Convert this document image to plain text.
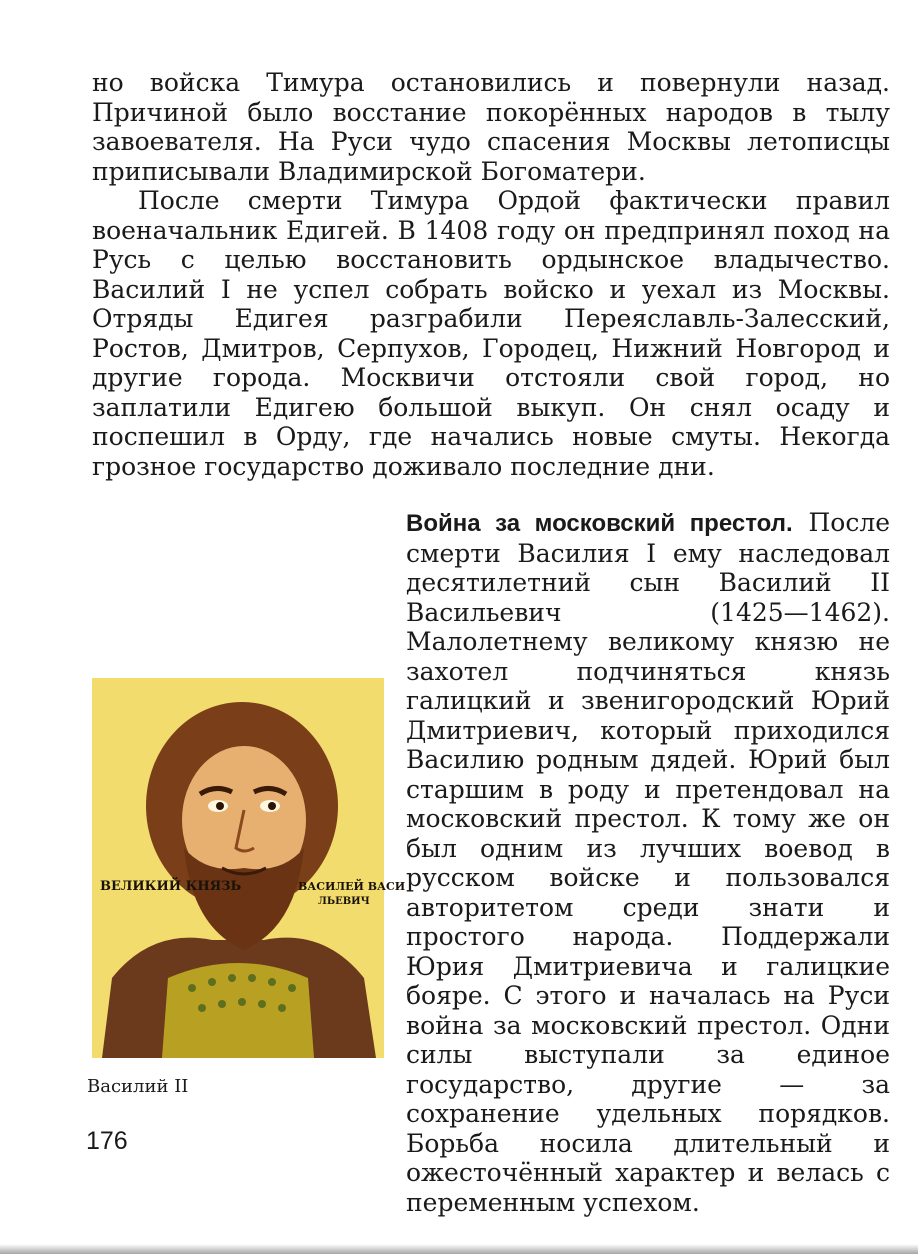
но войска Тимура остановились и повернули назад. Причиной было восстание покорённых народов в тылу завоевателя. На Руси чудо спасения Москвы летописцы приписывали Владимирской Богоматери.

После смерти Тимура Ордой фактически правил военачальник Едигей. В 1408 году он предпринял поход на Русь с целью восстановить ордынское владычество. Василий I не успел собрать войско и уехал из Москвы. Отряды Едигея разграбили Переяславль-Залесский, Ростов, Дмитров, Серпухов, Городец, Нижний Новгород и другие города. Москвичи отстояли свой город, но заплатили Едигею большой выкуп. Он снял осаду и поспешил в Орду, где начались новые смуты. Некогда грозное государство доживало последние дни.

Война за московский престол. После смерти Василия I ему наследовал десятилетний сын Василий II Васильевич (1425—1462). Малолетнему великому князю не захотел подчиняться князь галицкий и звенигородский Юрий Дмитриевич, который приходился Василию родным дядей. Юрий был старшим в роду и претендовал на московский престол. К тому же он был одним из лучших воевод в русском войске и пользовался авторитетом среди знати и простого народа. Поддержали Юрия Дмитриевича и галицкие бояре. С этого и началась на Руси война за московский престол. Одни силы выступали за единое государство, другие — за сохранение удельных порядков. Борьба носила длительный и ожесточённый характер и велась с переменным успехом.
ВЕЛИКИЙ КНЯЗЬ	ВАСИЛЕЙ ВАСИ
ЛЬЕВИЧ
Василий II
176
